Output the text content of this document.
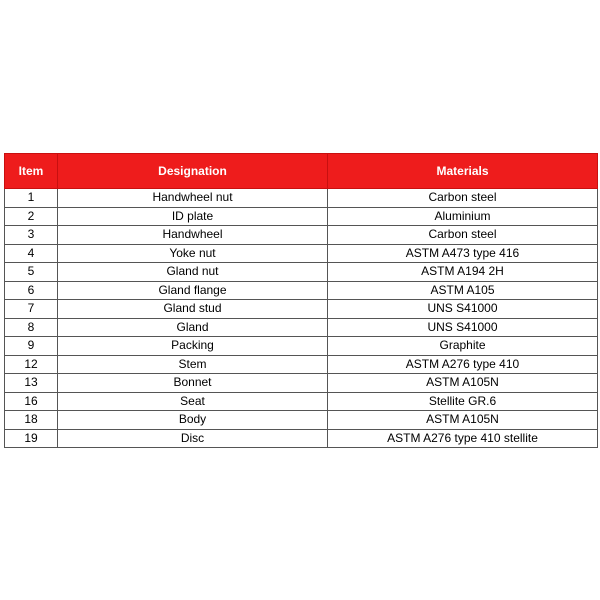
Item	Designation	Materials
1	Handwheel nut	Carbon steel
2	ID plate	Aluminium
3	Handwheel	Carbon steel
4	Yoke nut	ASTM A473 type 416
5	Gland nut	ASTM A194 2H
6	Gland flange	ASTM A105
7	Gland stud	UNS S41000
8	Gland	UNS S41000
9	Packing	Graphite
12	Stem	ASTM A276 type 410
13	Bonnet	ASTM A105N
16	Seat	Stellite GR.6
18	Body	ASTM A105N
19	Disc	ASTM A276 type 410 stellite
